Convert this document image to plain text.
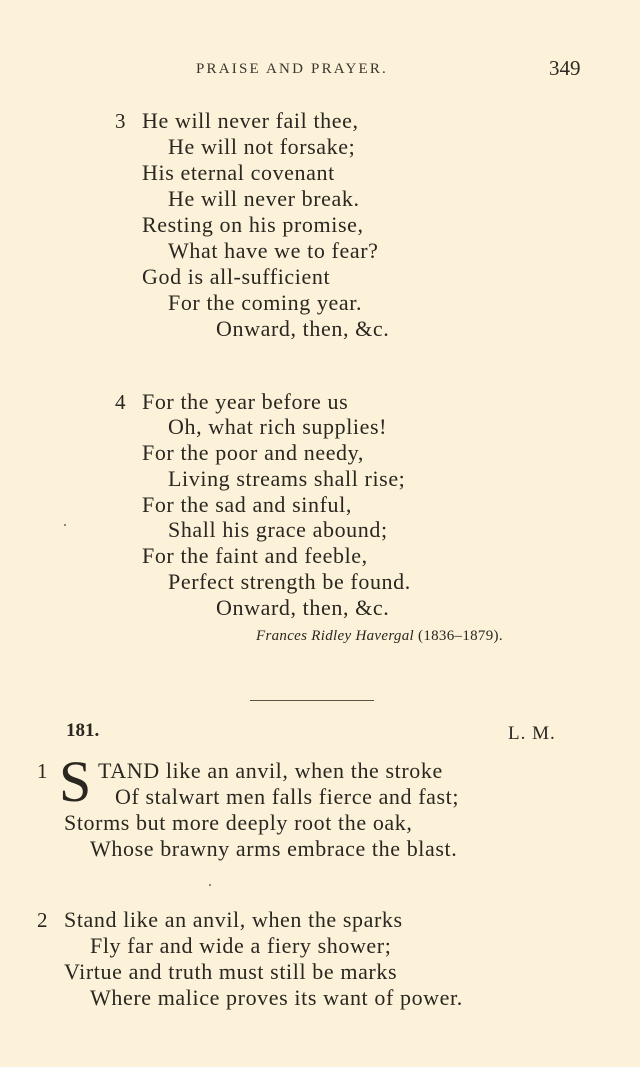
PRAISE AND PRAYER.	349
3 He will never fail thee,
He will not forsake;
His eternal covenant
He will never break.
Resting on his promise,
What have we to fear?
God is all-sufficient
For the coming year.
Onward, then, &c.
4 For the year before us
Oh, what rich supplies!
For the poor and needy,
Living streams shall rise;
For the sad and sinful,
Shall his grace abound;
For the faint and feeble,
Perfect strength be found.
Onward, then, &c.
Frances Ridley Havergal (1836–1879).
181.	L. M.
1 S TAND like an anvil, when the stroke
Of stalwart men falls fierce and fast;
Storms but more deeply root the oak,
Whose brawny arms embrace the blast.
2 Stand like an anvil, when the sparks
Fly far and wide a fiery shower;
Virtue and truth must still be marks
Where malice proves its want of power.
